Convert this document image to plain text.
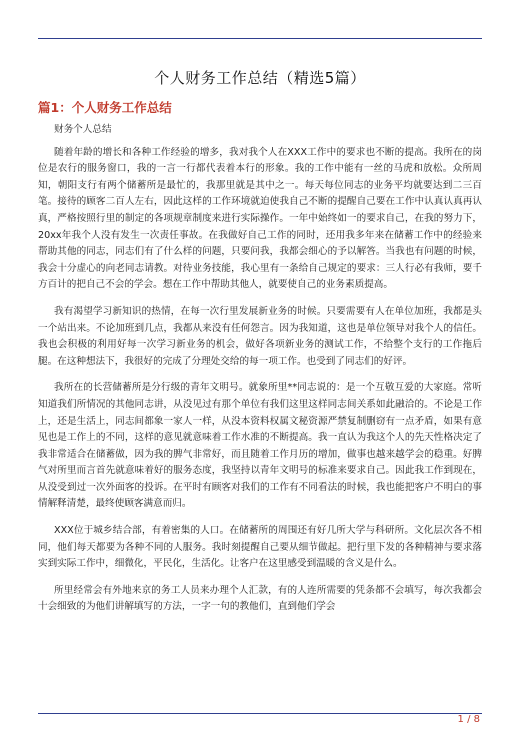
个人财务工作总结（精选5篇）
篇1：个人财务工作总结

财务个人总结

随着年龄的增长和各种工作经验的增多，我对我个人在XXX工作中的要求也不断的提高。我所在的岗位是农行的服务窗口，我的一言一行都代表着本行的形象。我的工作中能有一丝的马虎和放松。众所周知，朝阳支行有两个储蓄所是最忙的，我那里就是其中之一。每天每位同志的业务平均就要达到二三百笔。接待的顾客二百人左右，因此这样的工作环境就迫使我自己不断的提醒自己要在工作中认真认真再认真，严格按照行里的制定的各项规章制度来进行实际操作。一年中始终如一的要求自己，在我的努力下，20xx年我个人没有发生一次责任事故。在我做好自己工作的同时，还用我多年来在储蓄工作中的经验来帮助其他的同志，同志们有了什么样的问题，只要问我，我都会细心的予以解答。当我也有问题的时候，我会十分虚心的向老同志请教。对待业务技能，我心里有一条给自己规定的要求：三人行必有我师，要千方百计的把自己不会的学会。想在工作中帮助其他人，就要使自己的业务素质提高。

我有渴望学习新知识的热情，在每一次行里发展新业务的时候。只要需要有人在单位加班，我都是头一个站出来。不论加班到几点，我都从来没有任何怨言。因为我知道，这也是单位领导对我个人的信任。我也会积极的利用好每一次学习新业务的机会，做好各项新业务的测试工作，不给整个支行的工作拖后腿。在这种想法下，我很好的完成了分理处交给的每一项工作。也受到了同志们的好评。

我所在的长营储蓄所是分行级的青年文明号。就象所里**同志说的：是一个互敬互爱的大家庭。常听知道我们所情况的其他同志讲，从没见过有那个单位有我们这里这样同志间关系如此融洽的。不论是工作上，还是生活上，同志间都象一家人一样，从没本资料权属文秘资源严禁复制删窃有一点矛盾，如果有意见也是工作上的不同，这样的意见就意味着工作水准的不断提高。我一直认为我这个人的先天性格决定了我非常适合在储蓄做，因为我的脾气非常好，而且随着工作月历的增加，做事也越来越学会的稳重。好脾气对所里而言首先就意味着好的服务态度，我坚持以青年文明号的标准来要求自己。因此我工作到现在，从没受到过一次外面客的投诉。在平时有顾客对我们的工作有不同看法的时候，我也能把客户不明白的事情解释清楚，最终使顾客满意而归。

XXX位于城乡结合部，有着密集的人口。在储蓄所的周围还有好几所大学与科研所。文化层次各不相同，他们每天都要为各种不同的人服务。我时刻提醒自己要从细节做起。把行里下发的各种精神与要求落实到实际工作中，细微化，平民化，生活化。让客户在这里感受到温暖的含义是什么。

所里经常会有外地来京的务工人员来办理个人汇款，有的人连所需要的凭条都不会填写，每次我都会十会细致的为他们讲解填写的方法，一字一句的教他们，直到他们学会

1 / 8
